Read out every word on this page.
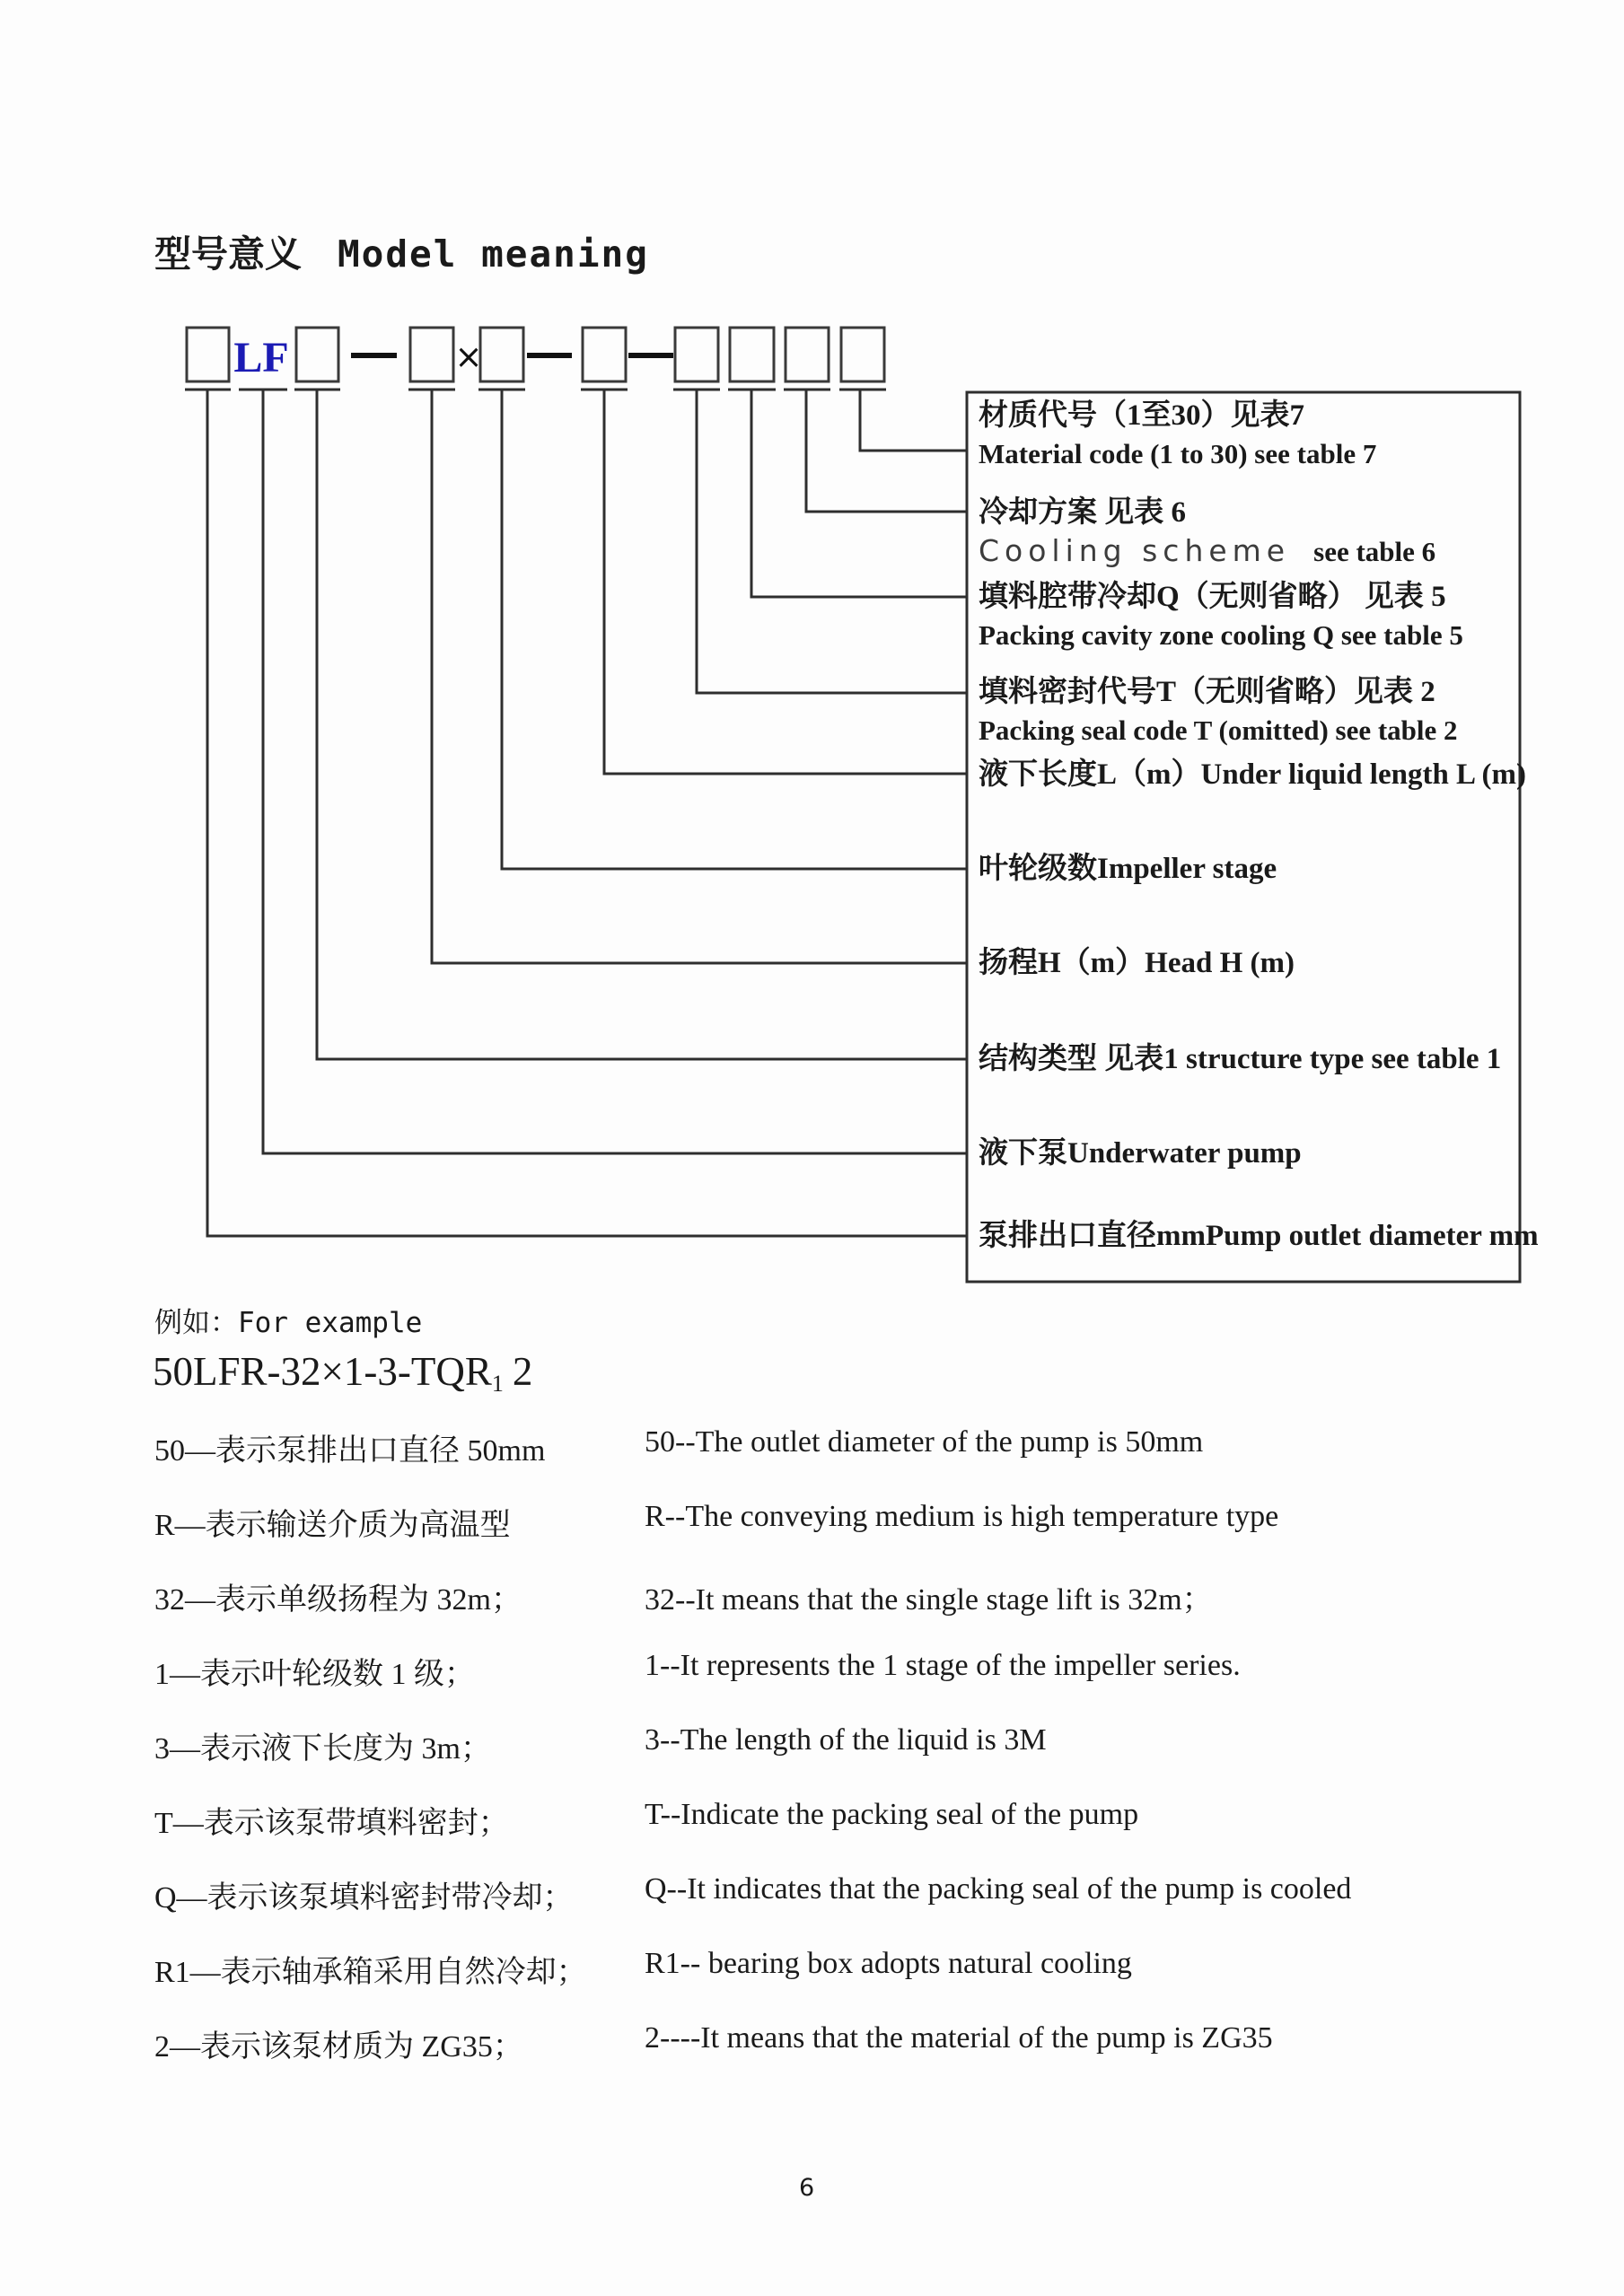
型号意义 Model meaning
LF	×
材质代号（1至30）见表7
Material code (1 to 30) see table 7
冷却方案 见表 6
Cooling scheme see table 6
填料腔带冷却Q（无则省略） 见表 5
Packing cavity zone cooling Q see table 5
填料密封代号T（无则省略）见表 2
Packing seal code T (omitted) see table 2
液下长度L（m）Under liquid length L (m)
叶轮级数Impeller stage
扬程H（m）Head H (m)
结构类型 见表1 structure type see table 1
液下泵Underwater pump
泵排出口直径mmPump outlet diameter mm
例如：For example
$50LFR-32\times 1-3-TQR_1$ 2
50—表示泵排出口直径 50mm	50--The outlet diameter of the pump is 50mm
R—表示输送介质为高温型	R--The conveying medium is high temperature type
32—表示单级扬程为 32m；	32--It means that the single stage lift is 32m；
1—表示叶轮级数 1 级；	1--It represents the 1 stage of the impeller series.
3—表示液下长度为 3m；	3--The length of the liquid is 3M
T—表示该泵带填料密封；	T--Indicate the packing seal of the pump
Q—表示该泵填料密封带冷却； Q--It indicates that the packing seal of the pump is cooled
R1—表示轴承箱采用自然冷却； R1-- bearing box adopts natural cooling
2—表示该泵材质为 ZG35；	2----It means that the material of the pump is ZG35
6
